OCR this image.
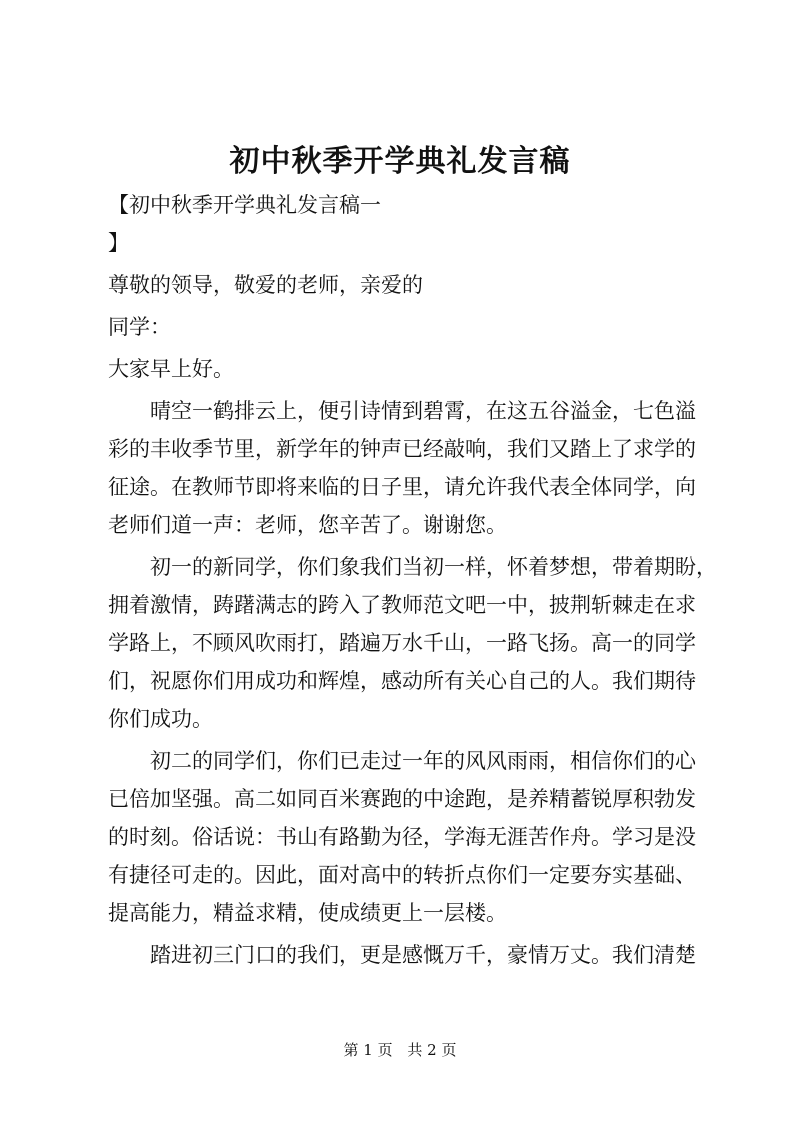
初中秋季开学典礼发言稿

【初中秋季开学典礼发言稿一

】

尊敬的领导，敬爱的老师，亲爱的

同学：

大家早上好。

晴空一鹤排云上，便引诗情到碧霄，在这五谷溢金，七色溢

彩的丰收季节里，新学年的钟声已经敲响，我们又踏上了求学的

征途。在教师节即将来临的日子里，请允许我代表全体同学，向

老师们道一声：老师，您辛苦了。谢谢您。

初一的新同学，你们象我们当初一样，怀着梦想，带着期盼，

拥着激情，踌躇满志的跨入了教师范文吧一中，披荆斩棘走在求

学路上，不顾风吹雨打，踏遍万水千山，一路飞扬。高一的同学

们，祝愿你们用成功和辉煌，感动所有关心自己的人。我们期待

你们成功。

初二的同学们，你们已走过一年的风风雨雨，相信你们的心

已倍加坚强。高二如同百米赛跑的中途跑，是养精蓄锐厚积勃发

的时刻。俗话说：书山有路勤为径，学海无涯苦作舟。学习是没

有捷径可走的。因此，面对高中的转折点你们一定要夯实基础、

提高能力，精益求精，使成绩更上一层楼。

踏进初三门口的我们，更是感慨万千，豪情万丈。我们清楚

第 1 页 共 2 页
